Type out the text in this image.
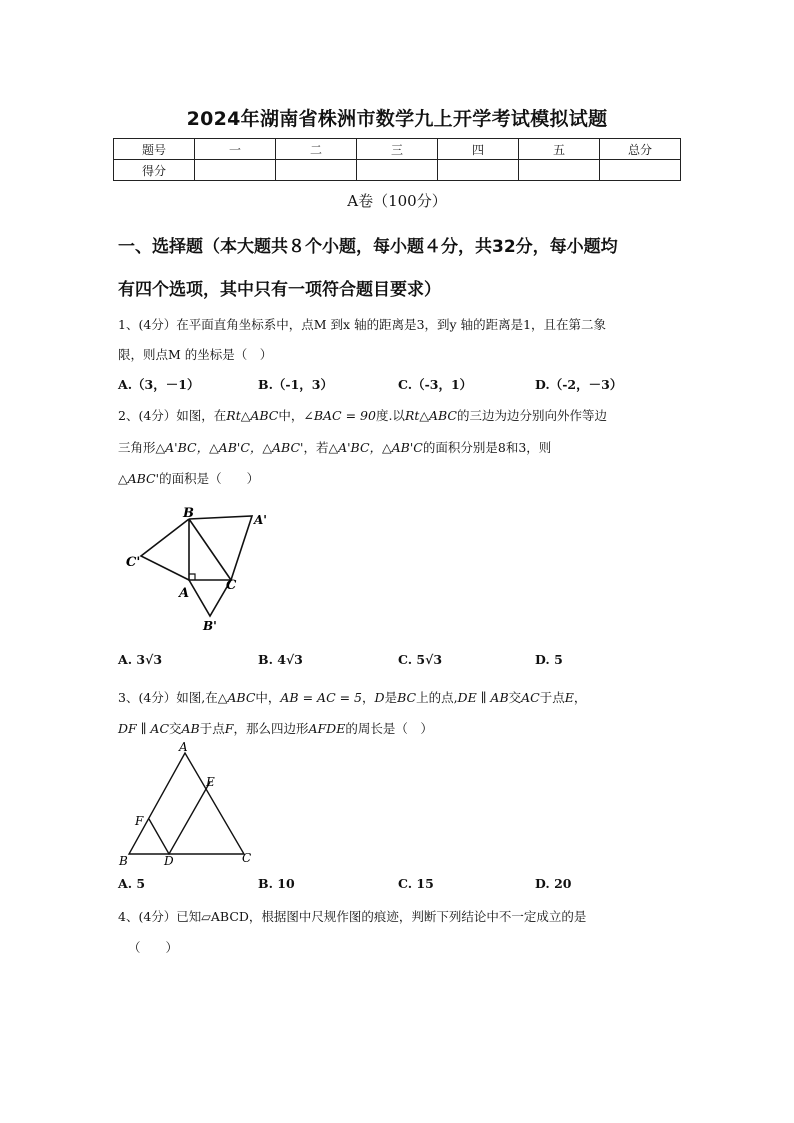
2024年湖南省株洲市数学九上开学考试模拟试题
题号	一	二	三	四	五	总分
得分						
A卷（100分）
一、选择题（本大题共８个小题，每小题４分，共32分，每小题均
有四个选项，其中只有一项符合题目要求）
1、(4分）在平面直角坐标系中，点M 到x 轴的距离是3，到y 轴的距离是1，且在第二象
限，则点M 的坐标是（　）
A.（3，－1）	B.（-1，3）	C.（-3，1）	D.（-2，－3）
2、(4分）如图，在Rt△ABC中，∠BAC = 90度.以Rt△ABC的三边为边分别向外作等边
三角形△A'BC，△AB'C，△ABC'，若△A'BC，△AB'C的面积分别是8和3，则
△ABC'的面积是（　　）
B	A'
C'
A
C
B'
A. 3√3	B. 4√3	C. 5√3	D. 5
3、(4分）如图,在△ABC中，AB = AC = 5，D是BC上的点,DE ∥ AB交AC于点E，
DF ∥ AC交AB于点F，那么四边形AFDE的周长是（　）
A
E
F
B	D	C
A. 5	B. 10	C. 15	D. 20
4、(4分）已知▱ABCD，根据图中尺规作图的痕迹，判断下列结论中不一定成立的是
（　　）
